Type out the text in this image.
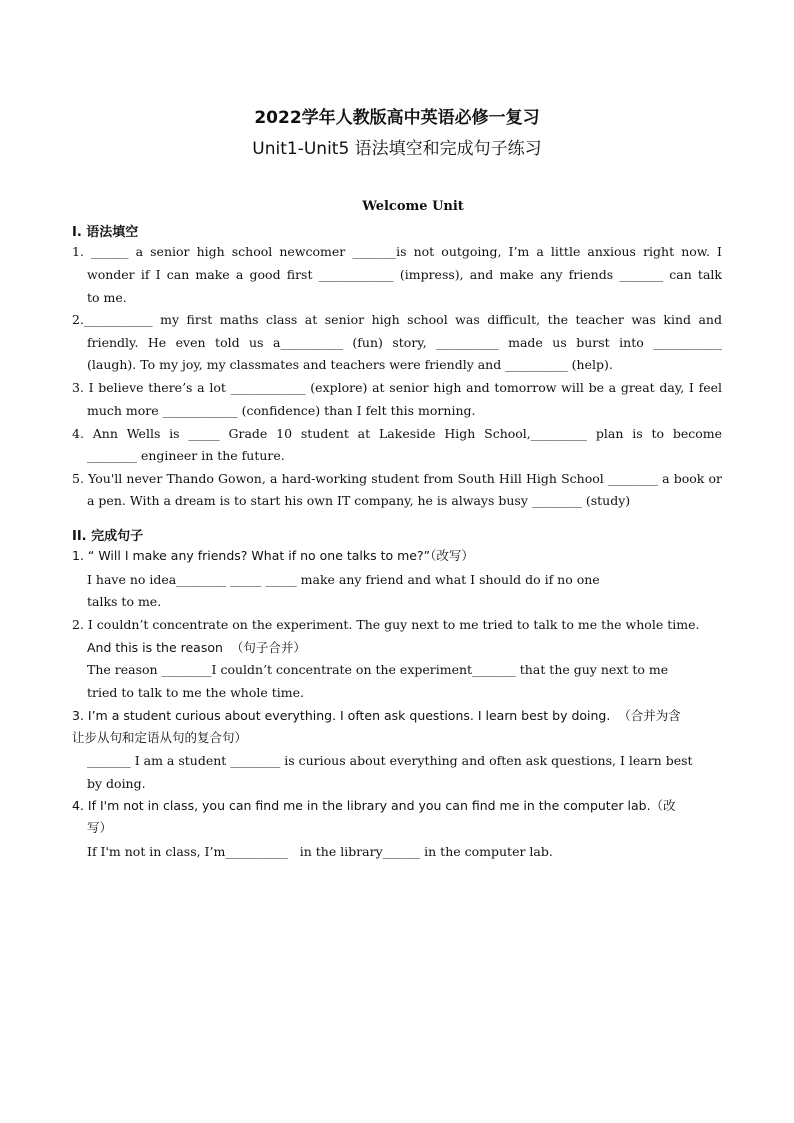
2022学年人教版高中英语必修一复习
Unit1-Unit5 语法填空和完成句子练习
Welcome Unit
I. 语法填空
1. ______ a senior high school newcomer _______is not outgoing, I’m a little anxious right now. I
wonder if I can make a good first ____________ (impress), and make any friends _______ can talk
to me.
2.___________ my first maths class at senior high school was difficult, the teacher was kind and
friendly. He even told us a__________ (fun) story, __________ made us burst into ___________
(laugh). To my joy, my classmates and teachers were friendly and __________ (help).
3. I believe there’s a lot ____________ (explore) at senior high and tomorrow will be a great day, I feel
much more ____________ (confidence) than I felt this morning.
4. Ann Wells is _____ Grade 10 student at Lakeside High School,_________ plan is to become
________ engineer in the future.
5. You'll never Thando Gowon, a hard-working student from South Hill High School ________ a book or
a pen. With a dream is to start his own IT company, he is always busy ________ (study)
II. 完成句子
1. “ Will I make any friends? What if no one talks to me?”（改写）
I have no idea________ _____ _____ make any friend and what I should do if no one
talks to me.
2. I couldn’t concentrate on the experiment. The guy next to me tried to talk to me the whole time.
And this is the reason  （句子合并）
The reason ________I couldn’t concentrate on the experiment_______ that the guy next to me
tried to talk to me the whole time.
3. I’m a student curious about everything. I often ask questions. I learn best by doing.  （合并为含
让步从句和定语从句的复合句）
_______ I am a student ________ is curious about everything and often ask questions, I learn best
by doing.
4. If I'm not in class, you can find me in the library and you can find me in the computer lab.（改
写）
If I'm not in class, I’m__________   in the library______ in the computer lab.
